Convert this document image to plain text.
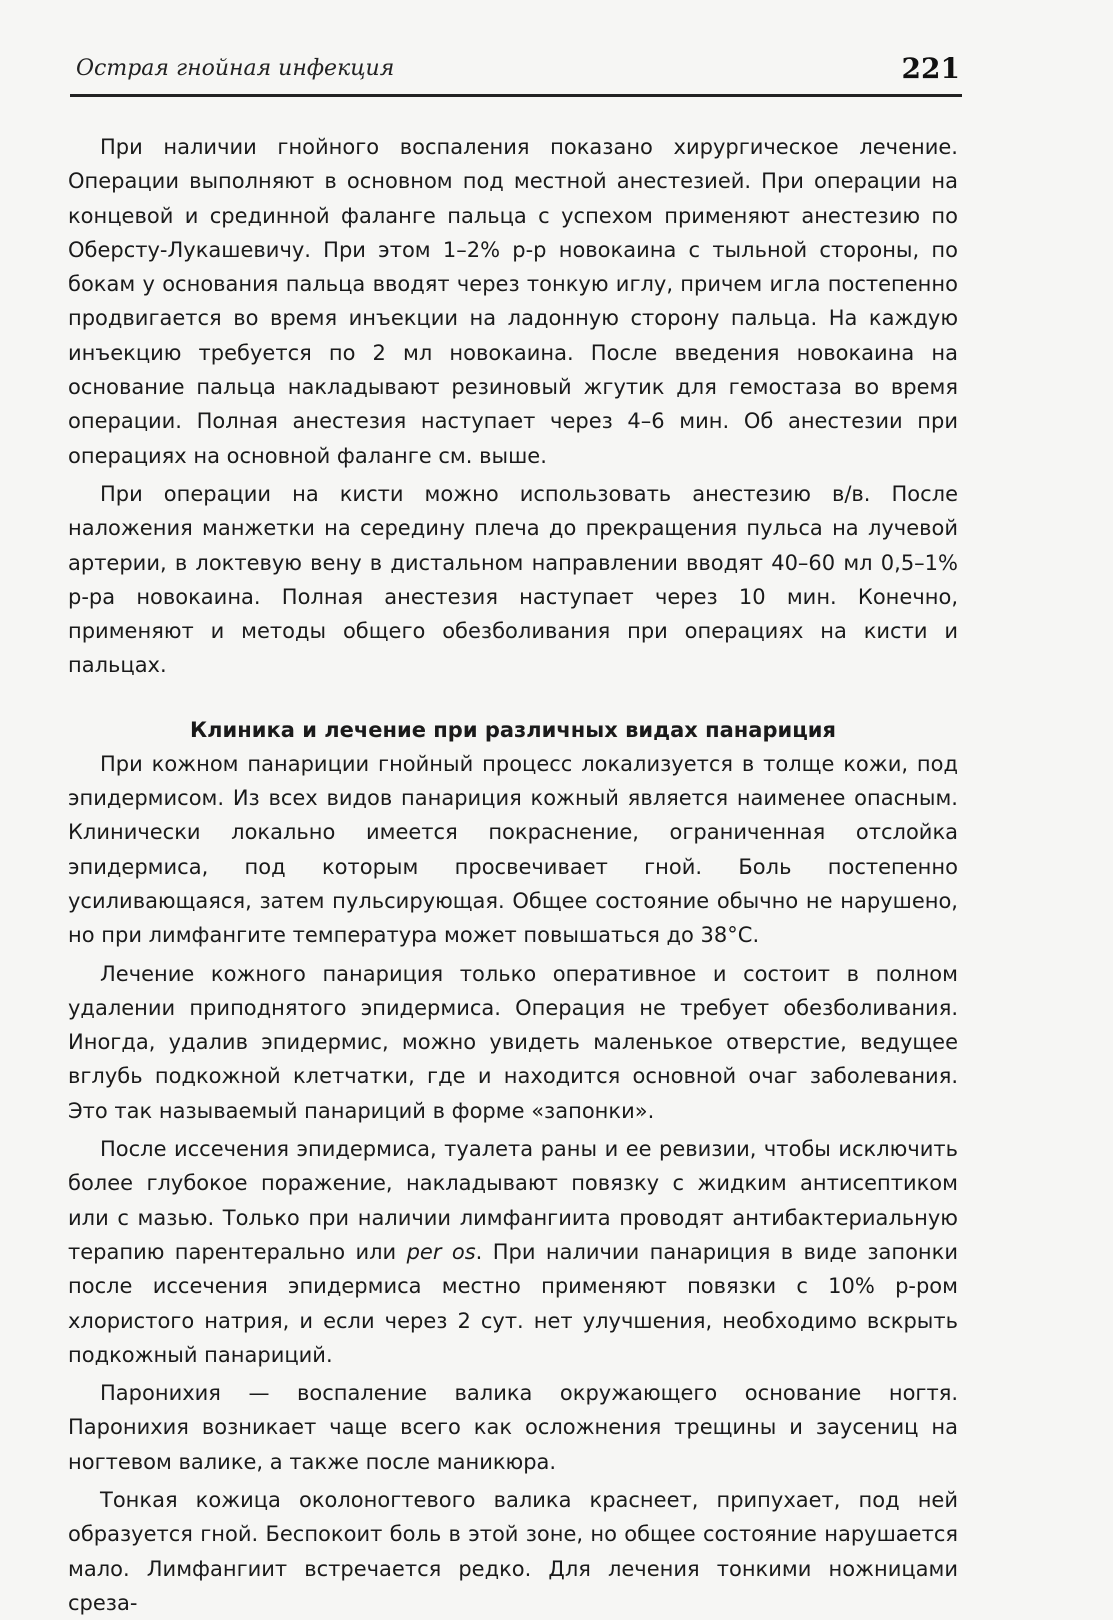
Острая гнойная инфекция	221

При наличии гнойного воспаления показано хирургическое лечение. Операции выполняют в основном под местной анестезией. При операции на концевой и срединной фаланге пальца с успехом применяют анестезию по Оберсту-Лукашевичу. При этом 1–2% р-р новокаина с тыльной стороны, по бокам у основания пальца вводят через тонкую иглу, причем игла постепенно продвигается во время инъекции на ладонную сторону пальца. На каждую инъекцию требуется по 2 мл новокаина. После введения новокаина на основание пальца накладывают резиновый жгутик для гемостаза во время операции. Полная анестезия наступает через 4–6 мин. Об анестезии при операциях на основной фаланге см. выше.

При операции на кисти можно использовать анестезию в/в. После наложения манжетки на середину плеча до прекращения пульса на лучевой артерии, в локтевую вену в дистальном направлении вводят 40–60 мл 0,5–1% р-ра новокаина. Полная анестезия наступает через 10 мин. Конечно, применяют и методы общего обезболивания при операциях на кисти и пальцах.

Клиника и лечение при различных видах панариция

При кожном панариции гнойный процесс локализуется в толще кожи, под эпидермисом. Из всех видов панариция кожный является наименее опасным. Клинически локально имеется покраснение, ограниченная отслойка эпидермиса, под которым просвечивает гной. Боль постепенно усиливающаяся, затем пульсирующая. Общее состояние обычно не нарушено, но при лимфангите температура может повышаться до 38°С.

Лечение кожного панариция только оперативное и состоит в полном удалении приподнятого эпидермиса. Операция не требует обезболивания. Иногда, удалив эпидермис, можно увидеть маленькое отверстие, ведущее вглубь подкожной клетчатки, где и находится основной очаг заболевания. Это так называемый панариций в форме «запонки».

После иссечения эпидермиса, туалета раны и ее ревизии, чтобы исключить более глубокое поражение, накладывают повязку с жидким антисептиком или с мазью. Только при наличии лимфангиита проводят антибактериальную терапию парентерально или per os. При наличии панариция в виде запонки после иссечения эпидермиса местно применяют повязки с 10% р-ром хлористого натрия, и если через 2 сут. нет улучшения, необходимо вскрыть подкожный панариций.

Паронихия — воспаление валика окружающего основание ногтя. Паронихия возникает чаще всего как осложнения трещины и заусениц на ногтевом валике, а также после маникюра.

Тонкая кожица околоногтевого валика краснеет, припухает, под ней образуется гной. Беспокоит боль в этой зоне, но общее состояние нарушается мало. Лимфангиит встречается редко. Для лечения тонкими ножницами среза-
